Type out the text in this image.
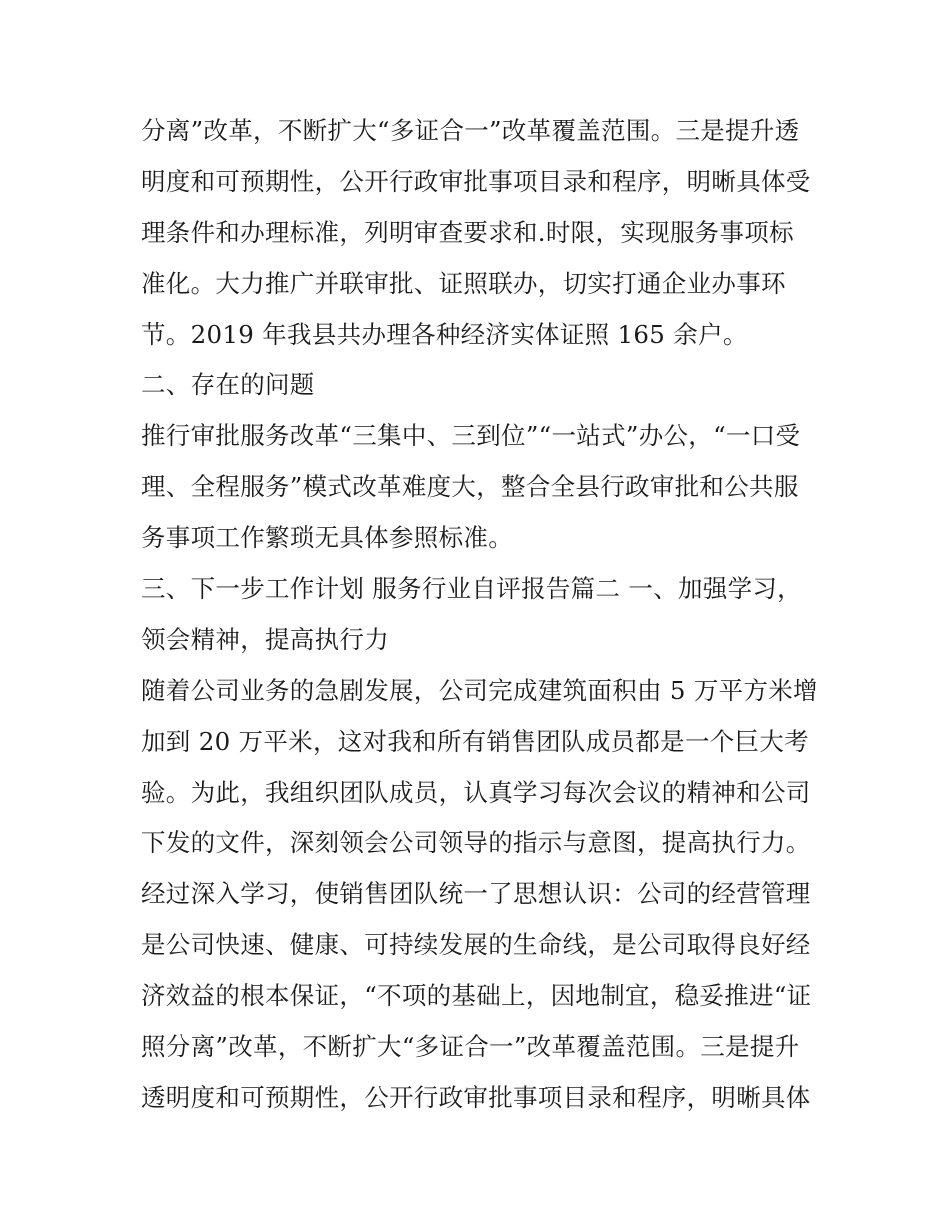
分离”改革，不断扩大“多证合一”改革覆盖范围。三是提升透
明度和可预期性，公开行政审批事项目录和程序，明晰具体受
理条件和办理标准，列明审查要求和.时限，实现服务事项标
准化。大力推广并联审批、证照联办，切实打通企业办事环
节。2019 年我县共办理各种经济实体证照 165 余户。
二、存在的问题
推行审批服务改革“三集中、三到位”“一站式”办公，“一口受
理、全程服务”模式改革难度大，整合全县行政审批和公共服
务事项工作繁琐无具体参照标准。
三、下一步工作计划 服务行业自评报告篇二 一、加强学习，
领会精神，提高执行力
随着公司业务的急剧发展，公司完成建筑面积由 5 万平方米增
加到 20 万平米，这对我和所有销售团队成员都是一个巨大考
验。为此，我组织团队成员，认真学习每次会议的精神和公司
下发的文件，深刻领会公司领导的指示与意图，提高执行力。
经过深入学习，使销售团队统一了思想认识：公司的经营管理
是公司快速、健康、可持续发展的生命线，是公司取得良好经
济效益的根本保证，“不项的基础上，因地制宜，稳妥推进“证
照分离”改革，不断扩大“多证合一”改革覆盖范围。三是提升
透明度和可预期性，公开行政审批事项目录和程序，明晰具体
